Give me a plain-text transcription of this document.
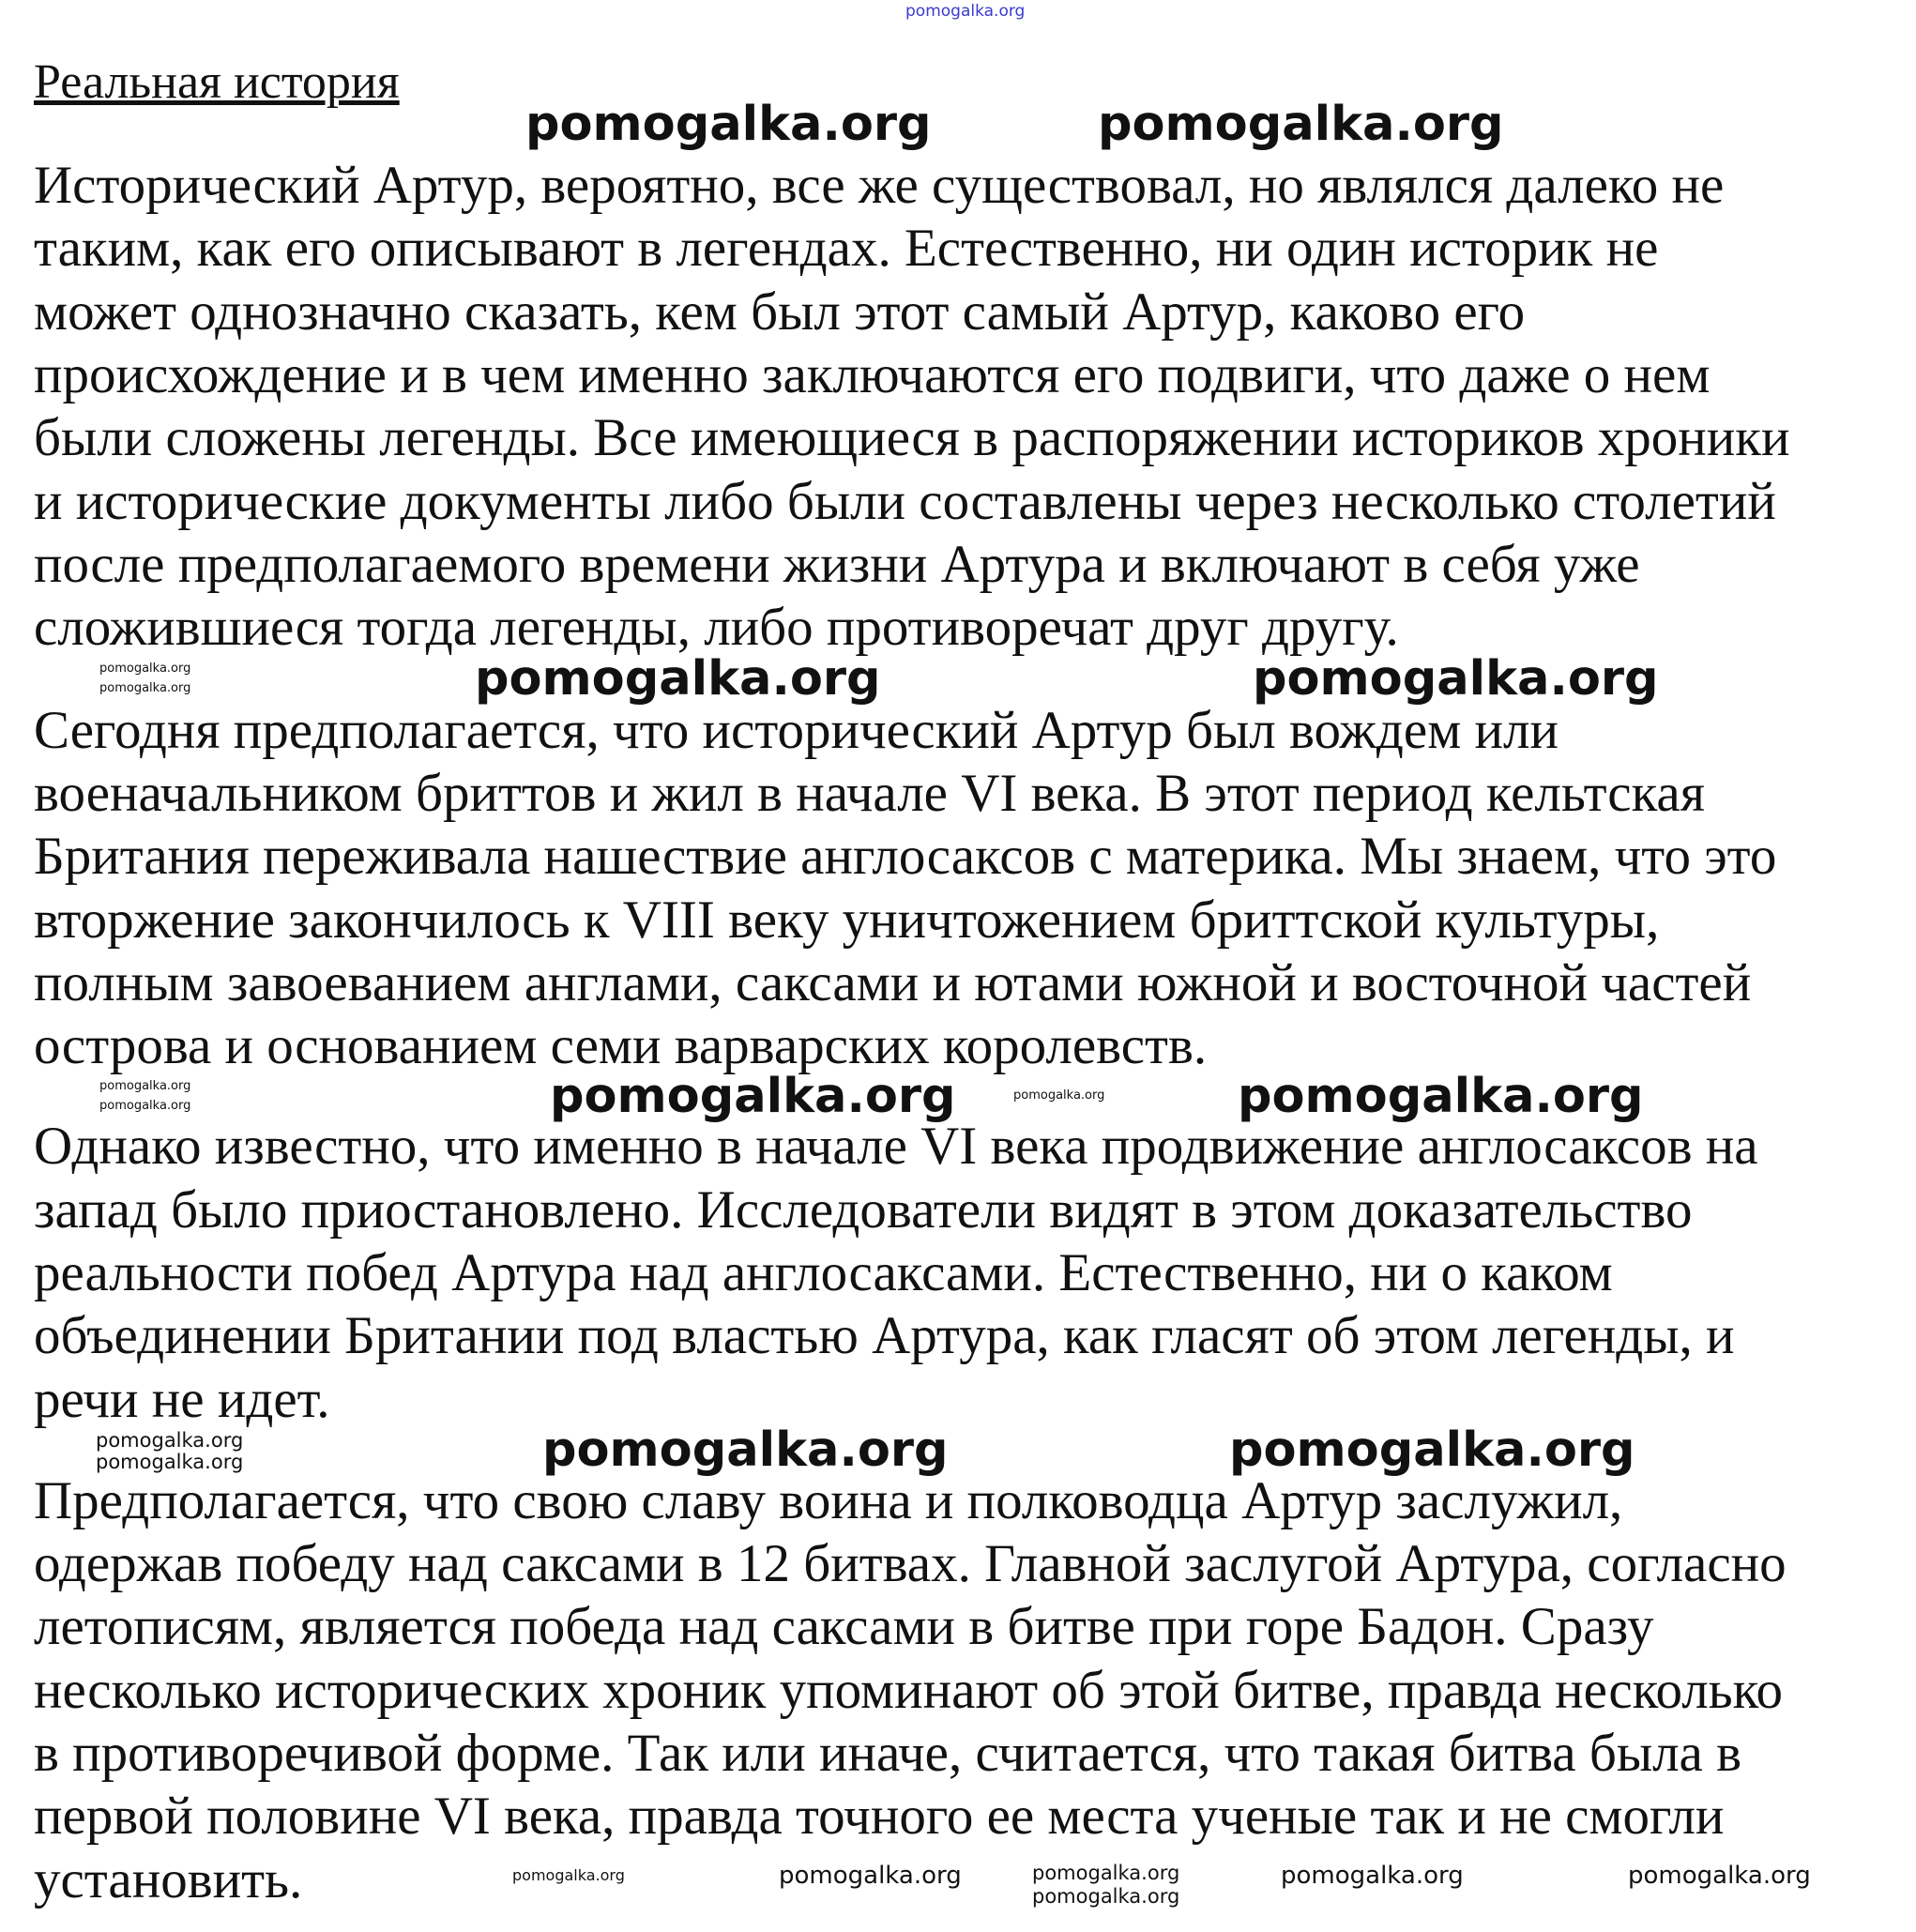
pomogalka.org
Реальная история
Исторический Артур, вероятно, все же существовал, но являлся далеко не
таким, как его описывают в легендах. Естественно, ни один историк не
может однозначно сказать, кем был этот самый Артур, каково его
происхождение и в чем именно заключаются его подвиги, что даже о нем
были сложены легенды. Все имеющиеся в распоряжении историков хроники
и исторические документы либо были составлены через несколько столетий
после предполагаемого времени жизни Артура и включают в себя уже
сложившиеся тогда легенды, либо противоречат друг другу.
Сегодня предполагается, что исторический Артур был вождем или
военачальником бриттов и жил в начале VI века. В этот период кельтская
Британия переживала нашествие англосаксов с материка. Мы знаем, что это
вторжение закончилось к VIII веку уничтожением бриттской культуры,
полным завоеванием англами, саксами и ютами южной и восточной частей
острова и основанием семи варварских королевств.
Однако известно, что именно в начале VI века продвижение англосаксов на
запад было приостановлено. Исследователи видят в этом доказательство
реальности побед Артура над англосаксами. Естественно, ни о каком
объединении Британии под властью Артура, как гласят об этом легенды, и
речи не идет.
Предполагается, что свою славу воина и полководца Артур заслужил,
одержав победу над саксами в 12 битвах. Главной заслугой Артура, согласно
летописям, является победа над саксами в битве при горе Бадон. Сразу
несколько исторических хроник упоминают об этой битве, правда несколько
в противоречивой форме. Так или иначе, считается, что такая битва была в
первой половине VI века, правда точного ее места ученые так и не смогли
установить.
pomogalka.org	pomogalka.org
pomogalka.org	pomogalka.org
pomogalka.org
pomogalka.org
pomogalka.org	pomogalka.org
pomogalka.org
pomogalka.org
pomogalka.org
pomogalka.org
pomogalka.org
pomogalka.org
pomogalka.org
pomogalka.org
pomogalka.org
pomogalka.org	pomogalka.org	pomogalka.org	pomogalka.org
